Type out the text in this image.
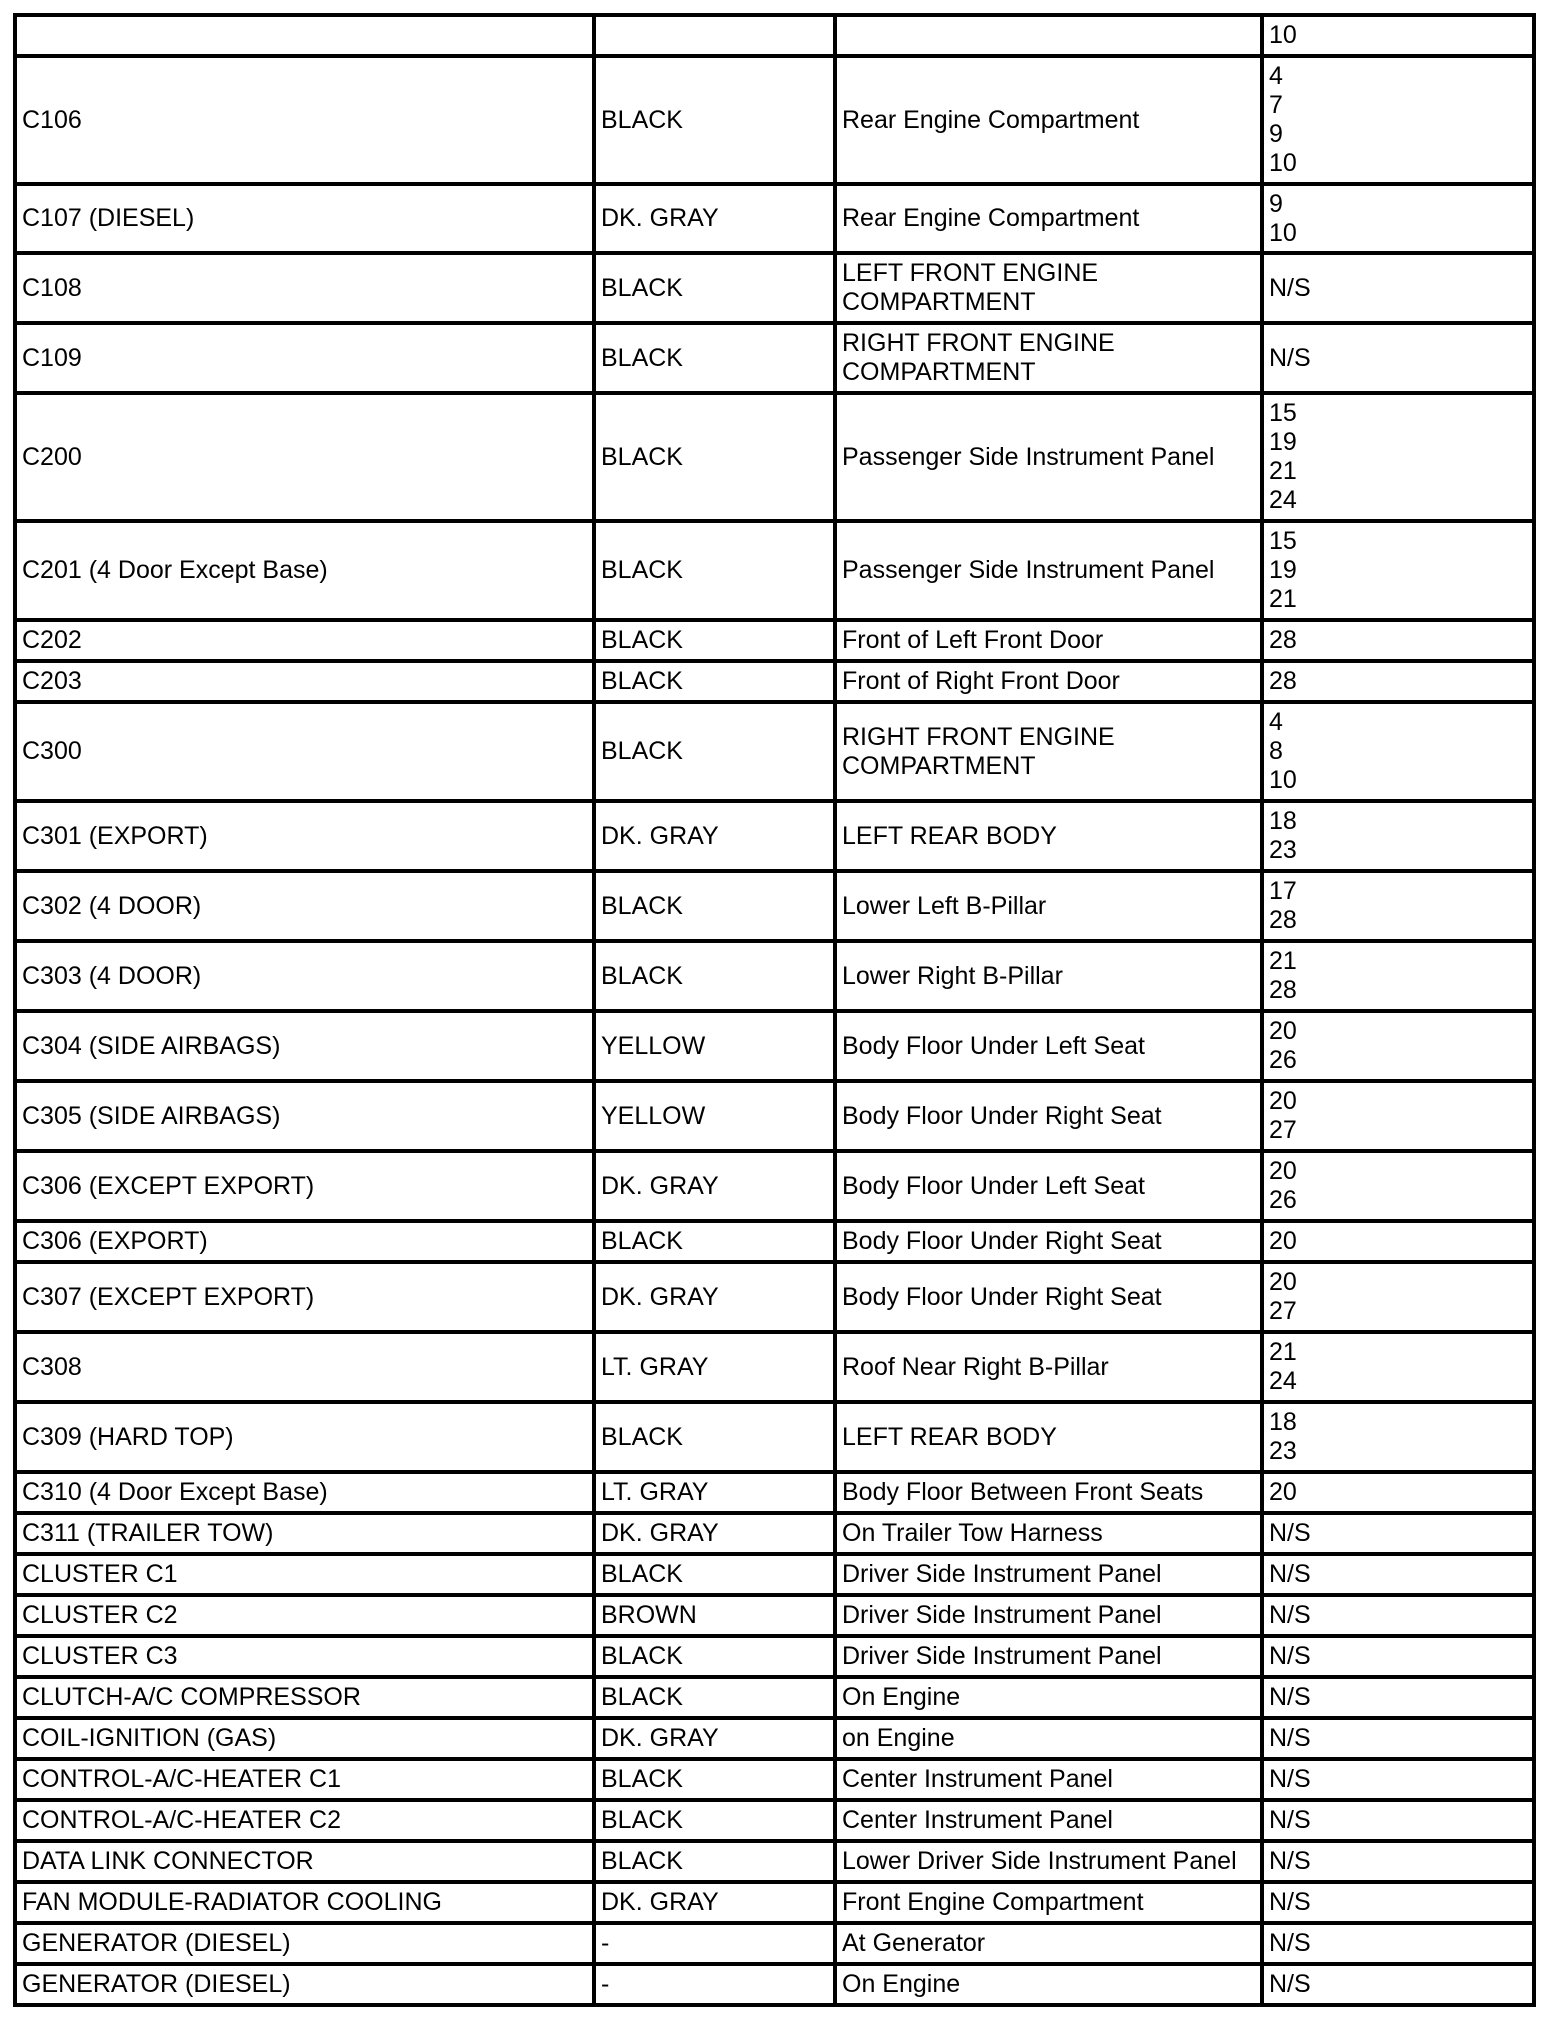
			10

C106	BLACK	Rear Engine Compartment	4
7
9
10

C107 (DIESEL)	DK. GRAY	Rear Engine Compartment	9
10

C108	BLACK	LEFT FRONT ENGINE
COMPARTMENT	N/S

C109	BLACK	RIGHT FRONT ENGINE
COMPARTMENT	N/S

C200	BLACK	Passenger Side Instrument Panel	15
19
21
24

C201 (4 Door Except Base)	BLACK	Passenger Side Instrument Panel	15
19
21

C202	BLACK	Front of Left Front Door	28

C203	BLACK	Front of Right Front Door	28

C300	BLACK	RIGHT FRONT ENGINE
COMPARTMENT	4
8
10

C301 (EXPORT)	DK. GRAY	LEFT REAR BODY	18
23

C302 (4 DOOR)	BLACK	Lower Left B-Pillar	17
28

C303 (4 DOOR)	BLACK	Lower Right B-Pillar	21
28

C304 (SIDE AIRBAGS)	YELLOW	Body Floor Under Left Seat	20
26

C305 (SIDE AIRBAGS)	YELLOW	Body Floor Under Right Seat	20
27

C306 (EXCEPT EXPORT)	DK. GRAY	Body Floor Under Left Seat	20
26

C306 (EXPORT)	BLACK	Body Floor Under Right Seat	20

C307 (EXCEPT EXPORT)	DK. GRAY	Body Floor Under Right Seat	20
27

C308	LT. GRAY	Roof Near Right B-Pillar	21
24

C309 (HARD TOP)	BLACK	LEFT REAR BODY	18
23

C310 (4 Door Except Base)	LT. GRAY	Body Floor Between Front Seats	20

C311 (TRAILER TOW)	DK. GRAY	On Trailer Tow Harness	N/S

CLUSTER C1	BLACK	Driver Side Instrument Panel	N/S

CLUSTER C2	BROWN	Driver Side Instrument Panel	N/S

CLUSTER C3	BLACK	Driver Side Instrument Panel	N/S

CLUTCH-A/C COMPRESSOR	BLACK	On Engine	N/S

COIL-IGNITION (GAS)	DK. GRAY	on Engine	N/S

CONTROL-A/C-HEATER C1	BLACK	Center Instrument Panel	N/S

CONTROL-A/C-HEATER C2	BLACK	Center Instrument Panel	N/S

DATA LINK CONNECTOR	BLACK	Lower Driver Side Instrument Panel	N/S

FAN MODULE-RADIATOR COOLING	DK. GRAY	Front Engine Compartment	N/S

GENERATOR (DIESEL)	-	At Generator	N/S

GENERATOR (DIESEL)	-	On Engine	N/S
